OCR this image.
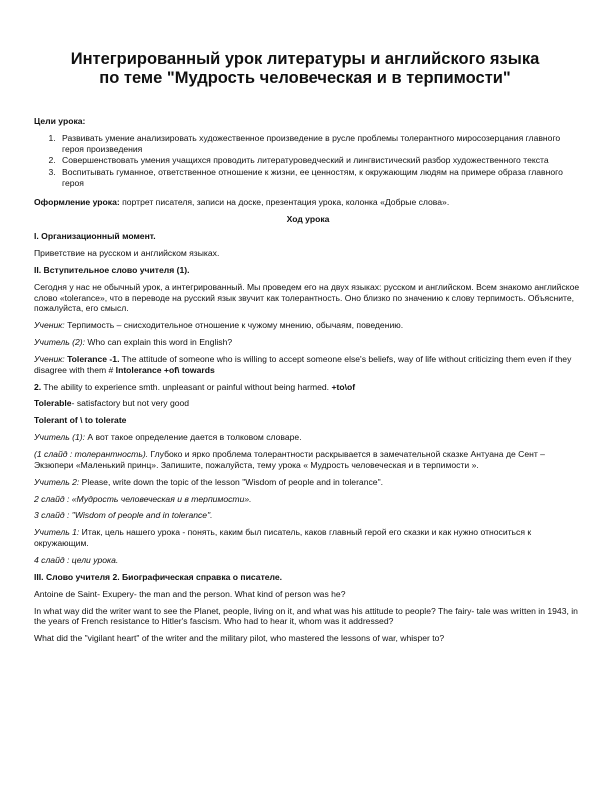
Интегрированный урок литературы и английского языка по теме "Мудрость человеческая и в терпимости"

Цели урока:

1. Развивать умение анализировать художественное произведение в русле проблемы толерантного миросозерцания главного героя произведения
2. Совершенствовать умения учащихся проводить литературоведческий и лингвистический разбор художественного текста
3. Воспитывать гуманное, ответственное отношение к жизни, ее ценностям, к окружающим людям на примере образа главного героя

Оформление урока: портрет писателя, записи на доске, презентация урока, колонка «Добрые слова».

Ход урока

I. Организационный момент.

Приветствие на русском и английском языках.

II. Вступительное слово учителя (1).

Сегодня у нас не обычный урок, а интегрированный. Мы проведем его на двух языках: русском и английском. Всем знакомо английское слово «tolerance», что в переводе на русский язык звучит как толерантность. Оно близко по значению к слову терпимость. Объясните, пожалуйста, его смысл.

Ученик: Терпимость – снисходительное отношение к чужому мнению, обычаям, поведению.

Учитель (2): Who can explain this word in English?

Ученик: Tolerance -1. The attitude of someone who is willing to accept someone else's beliefs, way of life without criticizing them even if they disagree with them # Intolerance +of\ towards

2. The ability to experience smth. unpleasant or painful without being harmed. +to\of

Tolerable- satisfactory but not very good

Tolerant of \ to tolerate

Учитель (1): А вот такое определение дается в толковом словаре.

(1 слайд : толерантность). Глубоко и ярко проблема толерантности раскрывается в замечательной сказке Антуана де Сент – Экзюпери «Маленький принц». Запишите, пожалуйста, тему урока « Мудрость человеческая и в терпимости ».

Учитель 2: Please, write down the topic of the lesson "Wisdom of people and in tolerance".

2 слайд : «Мудрость человеческая и в терпимости».

3 слайд : "Wisdom of people and in tolerance".

Учитель 1: Итак, цель нашего урока - понять, каким был писатель, каков главный герой его сказки и как нужно относиться к окружающим.

4 слайд : цели урока.

III. Слово учителя 2. Биографическая справка о писателе.

Antoine de Saint- Exupery- the man and the person. What kind of person was he?

In what way did the writer want to see the Planet, people, living on it, and what was his attitude to people? The fairy- tale was written in 1943, in the years of French resistance to Hitler's fascism. Who had to hear it, whom was it addressed?

What did the "vigilant heart" of the writer and the military pilot, who mastered the lessons of war, whisper to?
